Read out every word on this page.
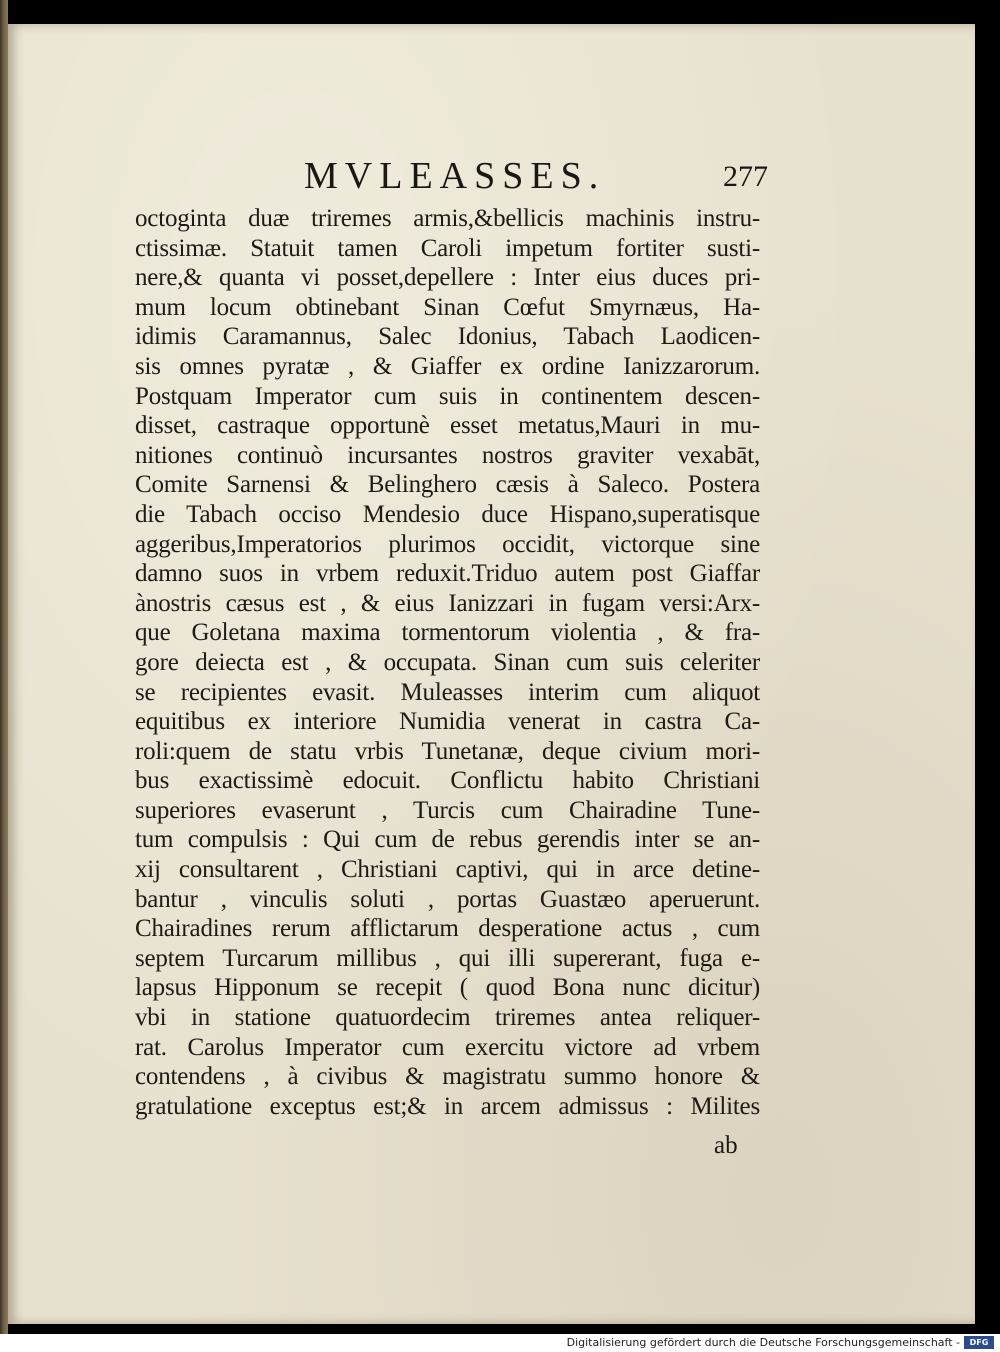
MVLEASSES.	277
octoginta duæ triremes armis,&bellicis machinis instru-
ctissimæ. Statuit tamen Caroli impetum fortiter susti-
nere,& quanta vi posset,depellere : Inter eius duces pri-
mum locum obtinebant Sinan Cœfut Smyrnæus, Ha-
idimis Caramannus, Salec Idonius, Tabach Laodicen-
sis omnes pyratæ , & Giaffer ex ordine Ianizzarorum.
Postquam Imperator cum suis in continentem descen-
disset, castraque opportunè esset metatus,Mauri in mu-
nitiones continuò incursantes nostros graviter vexabāt,
Comite Sarnensi & Belinghero cæsis à Saleco. Postera
die Tabach occiso Mendesio duce Hispano,superatisque
aggeribus,Imperatorios plurimos occidit, victorque sine
damno suos in vrbem reduxit.Triduo autem post Giaffar
ànostris cæsus est , & eius Ianizzari in fugam versi:Arx-
que Goletana maxima tormentorum violentia , & fra-
gore deiecta est , & occupata. Sinan cum suis celeriter
se recipientes evasit. Muleasses interim cum aliquot
equitibus ex interiore Numidia venerat in castra Ca-
roli:quem de statu vrbis Tunetanæ, deque civium mori-
bus exactissimè edocuit. Conflictu habito Christiani
superiores evaserunt , Turcis cum Chairadine Tune-
tum compulsis : Qui cum de rebus gerendis inter se an-
xij consultarent , Christiani captivi, qui in arce detine-
bantur , vinculis soluti , portas Guastæo aperuerunt.
Chairadines rerum afflictarum desperatione actus , cum
septem Turcarum millibus , qui illi supererant, fuga e-
lapsus Hipponum se recepit ( quod Bona nunc dicitur)
vbi in statione quatuordecim triremes antea reliquer-
rat. Carolus Imperator cum exercitu victore ad vrbem
contendens , à civibus & magistratu summo honore &
gratulatione exceptus est;& in arcem admissus : Milites
ab
Digitalisierung gefördert durch die Deutsche Forschungsgemeinschaft -	DFG
